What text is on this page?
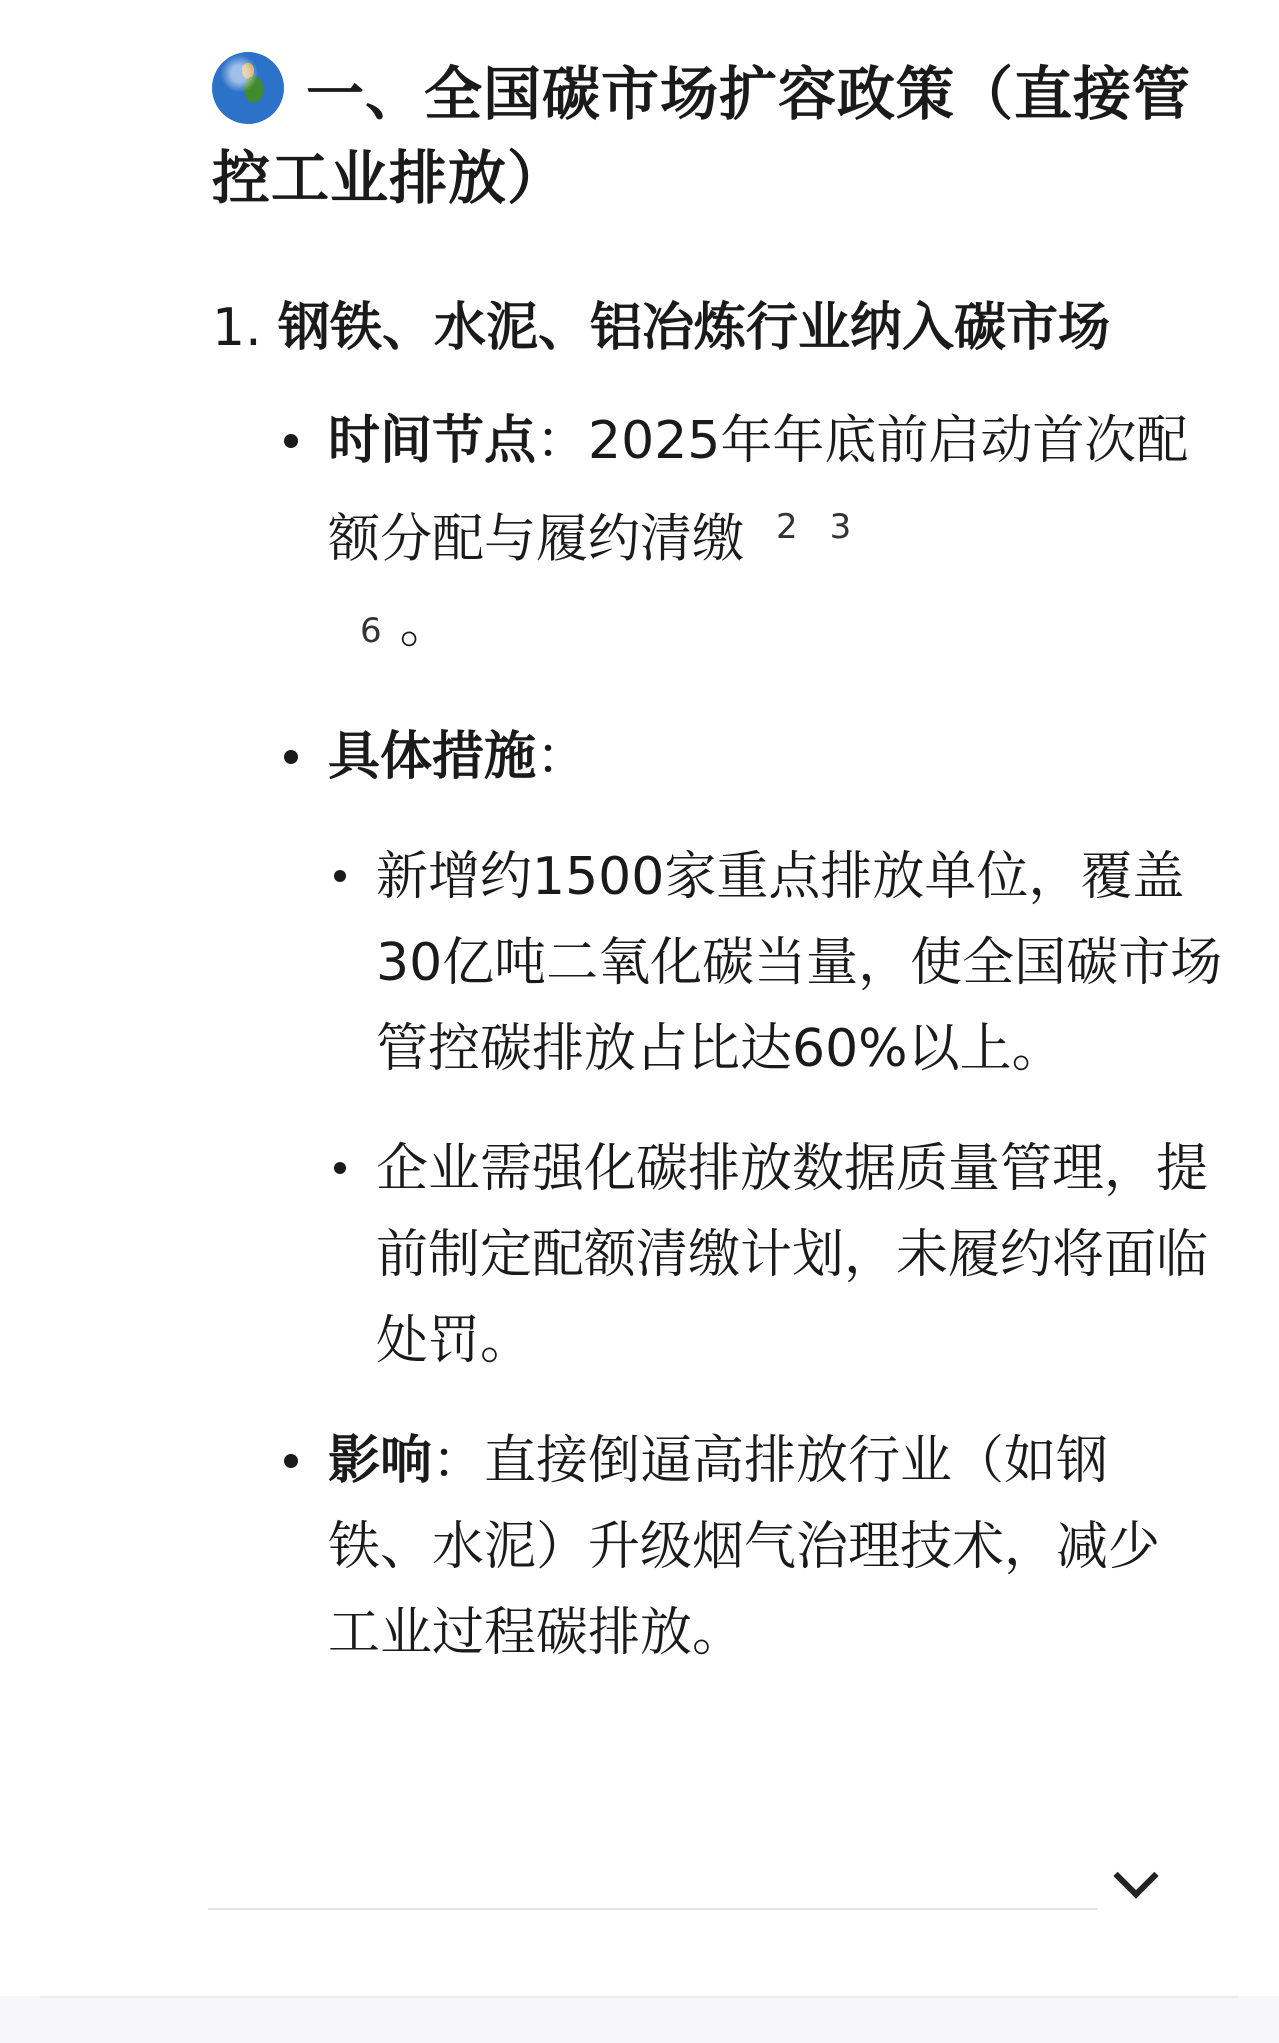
一、全国碳市场扩容政策（直接管控工业排放）
1. 钢铁、水泥、铝冶炼行业纳入碳市场
时间节点：2025年年底前启动首次配额分配与履约清缴 $^2$ $^3$
6 。
具体措施：
新增约1500家重点排放单位，覆盖30亿吨二氧化碳当量，使全国碳市场管控碳排放占比达60%以上。
企业需强化碳排放数据质量管理，提前制定配额清缴计划，未履约将面临处罚。
影响：直接倒逼高排放行业（如钢铁、水泥）升级烟气治理技术，减少工业过程碳排放。
